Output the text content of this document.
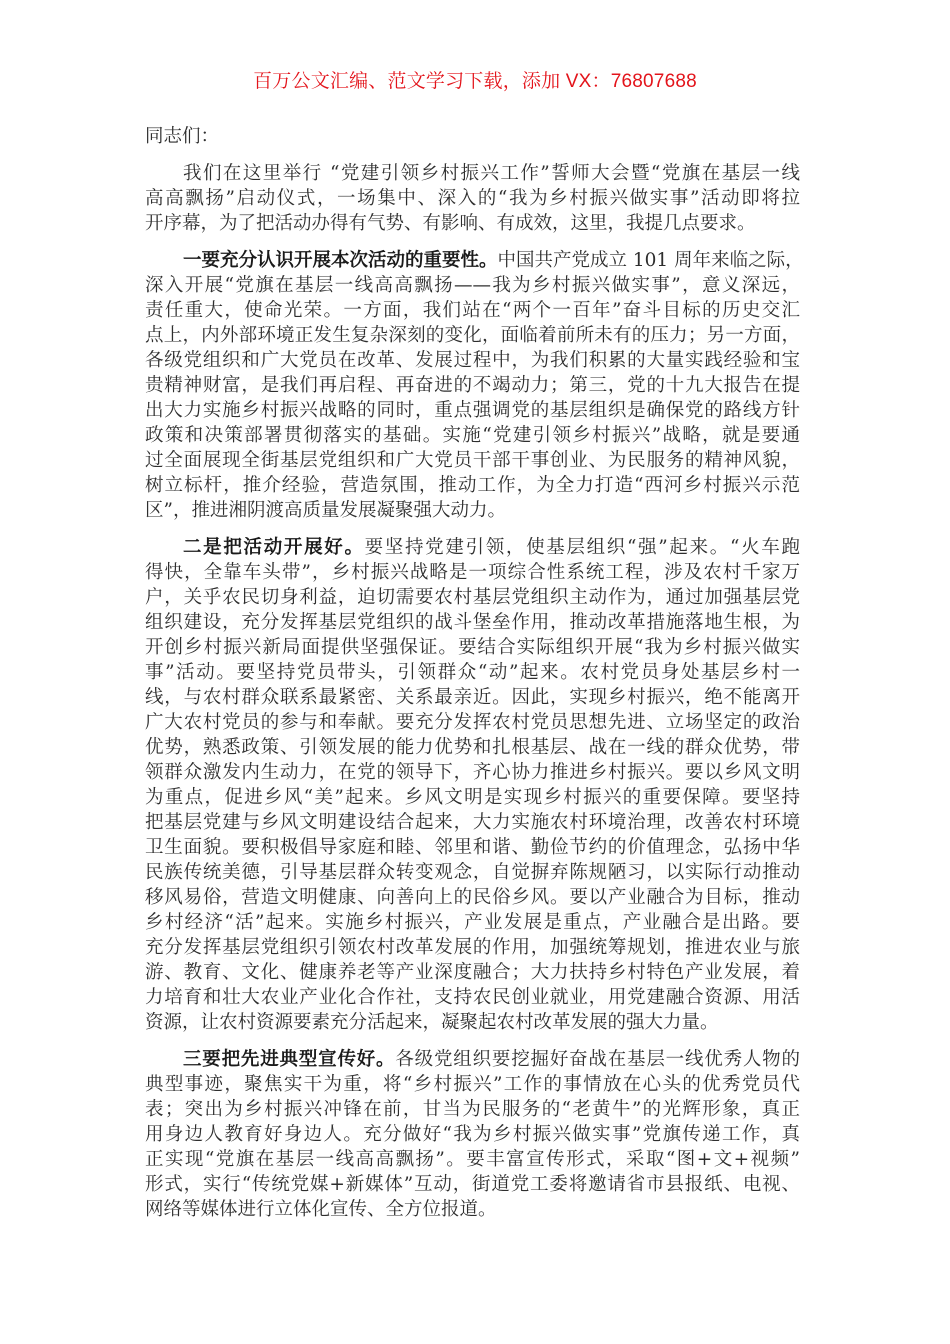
百万公文汇编、范文学习下载，添加 VX：76807688
同志们：
我们在这里举行 “党建引领乡村振兴工作”誓师大会暨“党旗在基层一线
高高飘扬”启动仪式，一场集中、深入的“我为乡村振兴做实事”活动即将拉
开序幕，为了把活动办得有气势、有影响、有成效，这里，我提几点要求。
一要充分认识开展本次活动的重要性。中国共产党成立 101 周年来临之际，
深入开展“党旗在基层一线高高飘扬——我为乡村振兴做实事”，意义深远，
责任重大，使命光荣。一方面，我们站在“两个一百年”奋斗目标的历史交汇
点上，内外部环境正发生复杂深刻的变化，面临着前所未有的压力；另一方面，
各级党组织和广大党员在改革、发展过程中，为我们积累的大量实践经验和宝
贵精神财富，是我们再启程、再奋进的不竭动力；第三，党的十九大报告在提
出大力实施乡村振兴战略的同时，重点强调党的基层组织是确保党的路线方针
政策和决策部署贯彻落实的基础。实施“党建引领乡村振兴”战略，就是要通
过全面展现全街基层党组织和广大党员干部干事创业、为民服务的精神风貌，
树立标杆，推介经验，营造氛围，推动工作，为全力打造“西河乡村振兴示范
区”，推进湘阴渡高质量发展凝聚强大动力。
二是把活动开展好。要坚持党建引领，使基层组织“强”起来。“火车跑
得快，全靠车头带”，乡村振兴战略是一项综合性系统工程，涉及农村千家万
户，关乎农民切身利益，迫切需要农村基层党组织主动作为，通过加强基层党
组织建设，充分发挥基层党组织的战斗堡垒作用，推动改革措施落地生根，为
开创乡村振兴新局面提供坚强保证。要结合实际组织开展“我为乡村振兴做实
事”活动。要坚持党员带头，引领群众“动”起来。农村党员身处基层乡村一
线，与农村群众联系最紧密、关系最亲近。因此，实现乡村振兴，绝不能离开
广大农村党员的参与和奉献。要充分发挥农村党员思想先进、立场坚定的政治
优势，熟悉政策、引领发展的能力优势和扎根基层、战在一线的群众优势，带
领群众激发内生动力，在党的领导下，齐心协力推进乡村振兴。要以乡风文明
为重点，促进乡风“美”起来。乡风文明是实现乡村振兴的重要保障。要坚持
把基层党建与乡风文明建设结合起来，大力实施农村环境治理，改善农村环境
卫生面貌。要积极倡导家庭和睦、邻里和谐、勤俭节约的价值理念，弘扬中华
民族传统美德，引导基层群众转变观念，自觉摒弃陈规陋习，以实际行动推动
移风易俗，营造文明健康、向善向上的民俗乡风。要以产业融合为目标，推动
乡村经济“活”起来。实施乡村振兴，产业发展是重点，产业融合是出路。要
充分发挥基层党组织引领农村改革发展的作用，加强统筹规划，推进农业与旅
游、教育、文化、健康养老等产业深度融合；大力扶持乡村特色产业发展，着
力培育和壮大农业产业化合作社，支持农民创业就业，用党建融合资源、用活
资源，让农村资源要素充分活起来，凝聚起农村改革发展的强大力量。
三要把先进典型宣传好。各级党组织要挖掘好奋战在基层一线优秀人物的
典型事迹，聚焦实干为重，将“乡村振兴”工作的事情放在心头的优秀党员代
表；突出为乡村振兴冲锋在前，甘当为民服务的“老黄牛”的光辉形象，真正
用身边人教育好身边人。充分做好“我为乡村振兴做实事”党旗传递工作，真
正实现“党旗在基层一线高高飘扬”。要丰富宣传形式，采取“图+文+视频”
形式，实行“传统党媒+新媒体”互动，街道党工委将邀请省市县报纸、电视、
网络等媒体进行立体化宣传、全方位报道。
